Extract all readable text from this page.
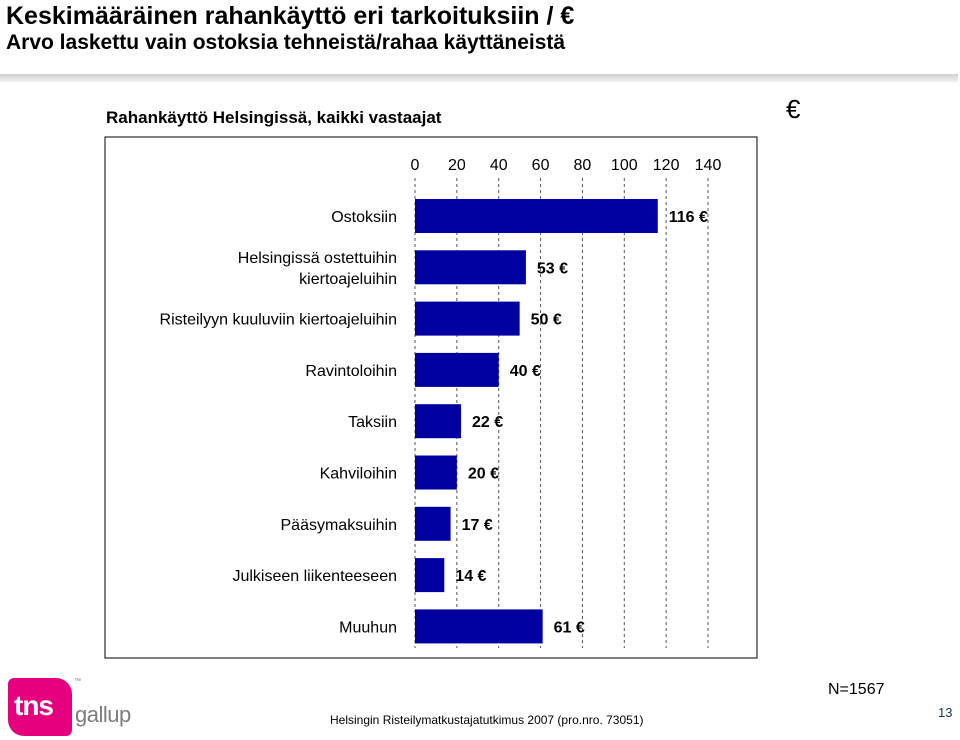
Keskimääräinen rahankäyttö eri tarkoituksiin / €
Arvo laskettu vain ostoksia tehneistä/rahaa käyttäneistä
Rahankäyttö Helsingissä, kaikki vastaajat	€
0 20 40 60 80 100 120 140
Ostoksiin
Helsingissä ostettuihin
kiertoajeluihin
Risteilyyn kuuluviin kiertoajeluihin
Ravintoloihin
Taksiin
Kahviloihin
Pääsymaksuihin
Julkiseen liikenteeseen
Muuhun
116 €
53 €
50 €
40 €
22 €
20 €
17 €
14 €
61 €
N=1567
Helsingin Risteilymatkustajatutkimus 2007 (pro.nro. 73051)	13
tns gallup
™
